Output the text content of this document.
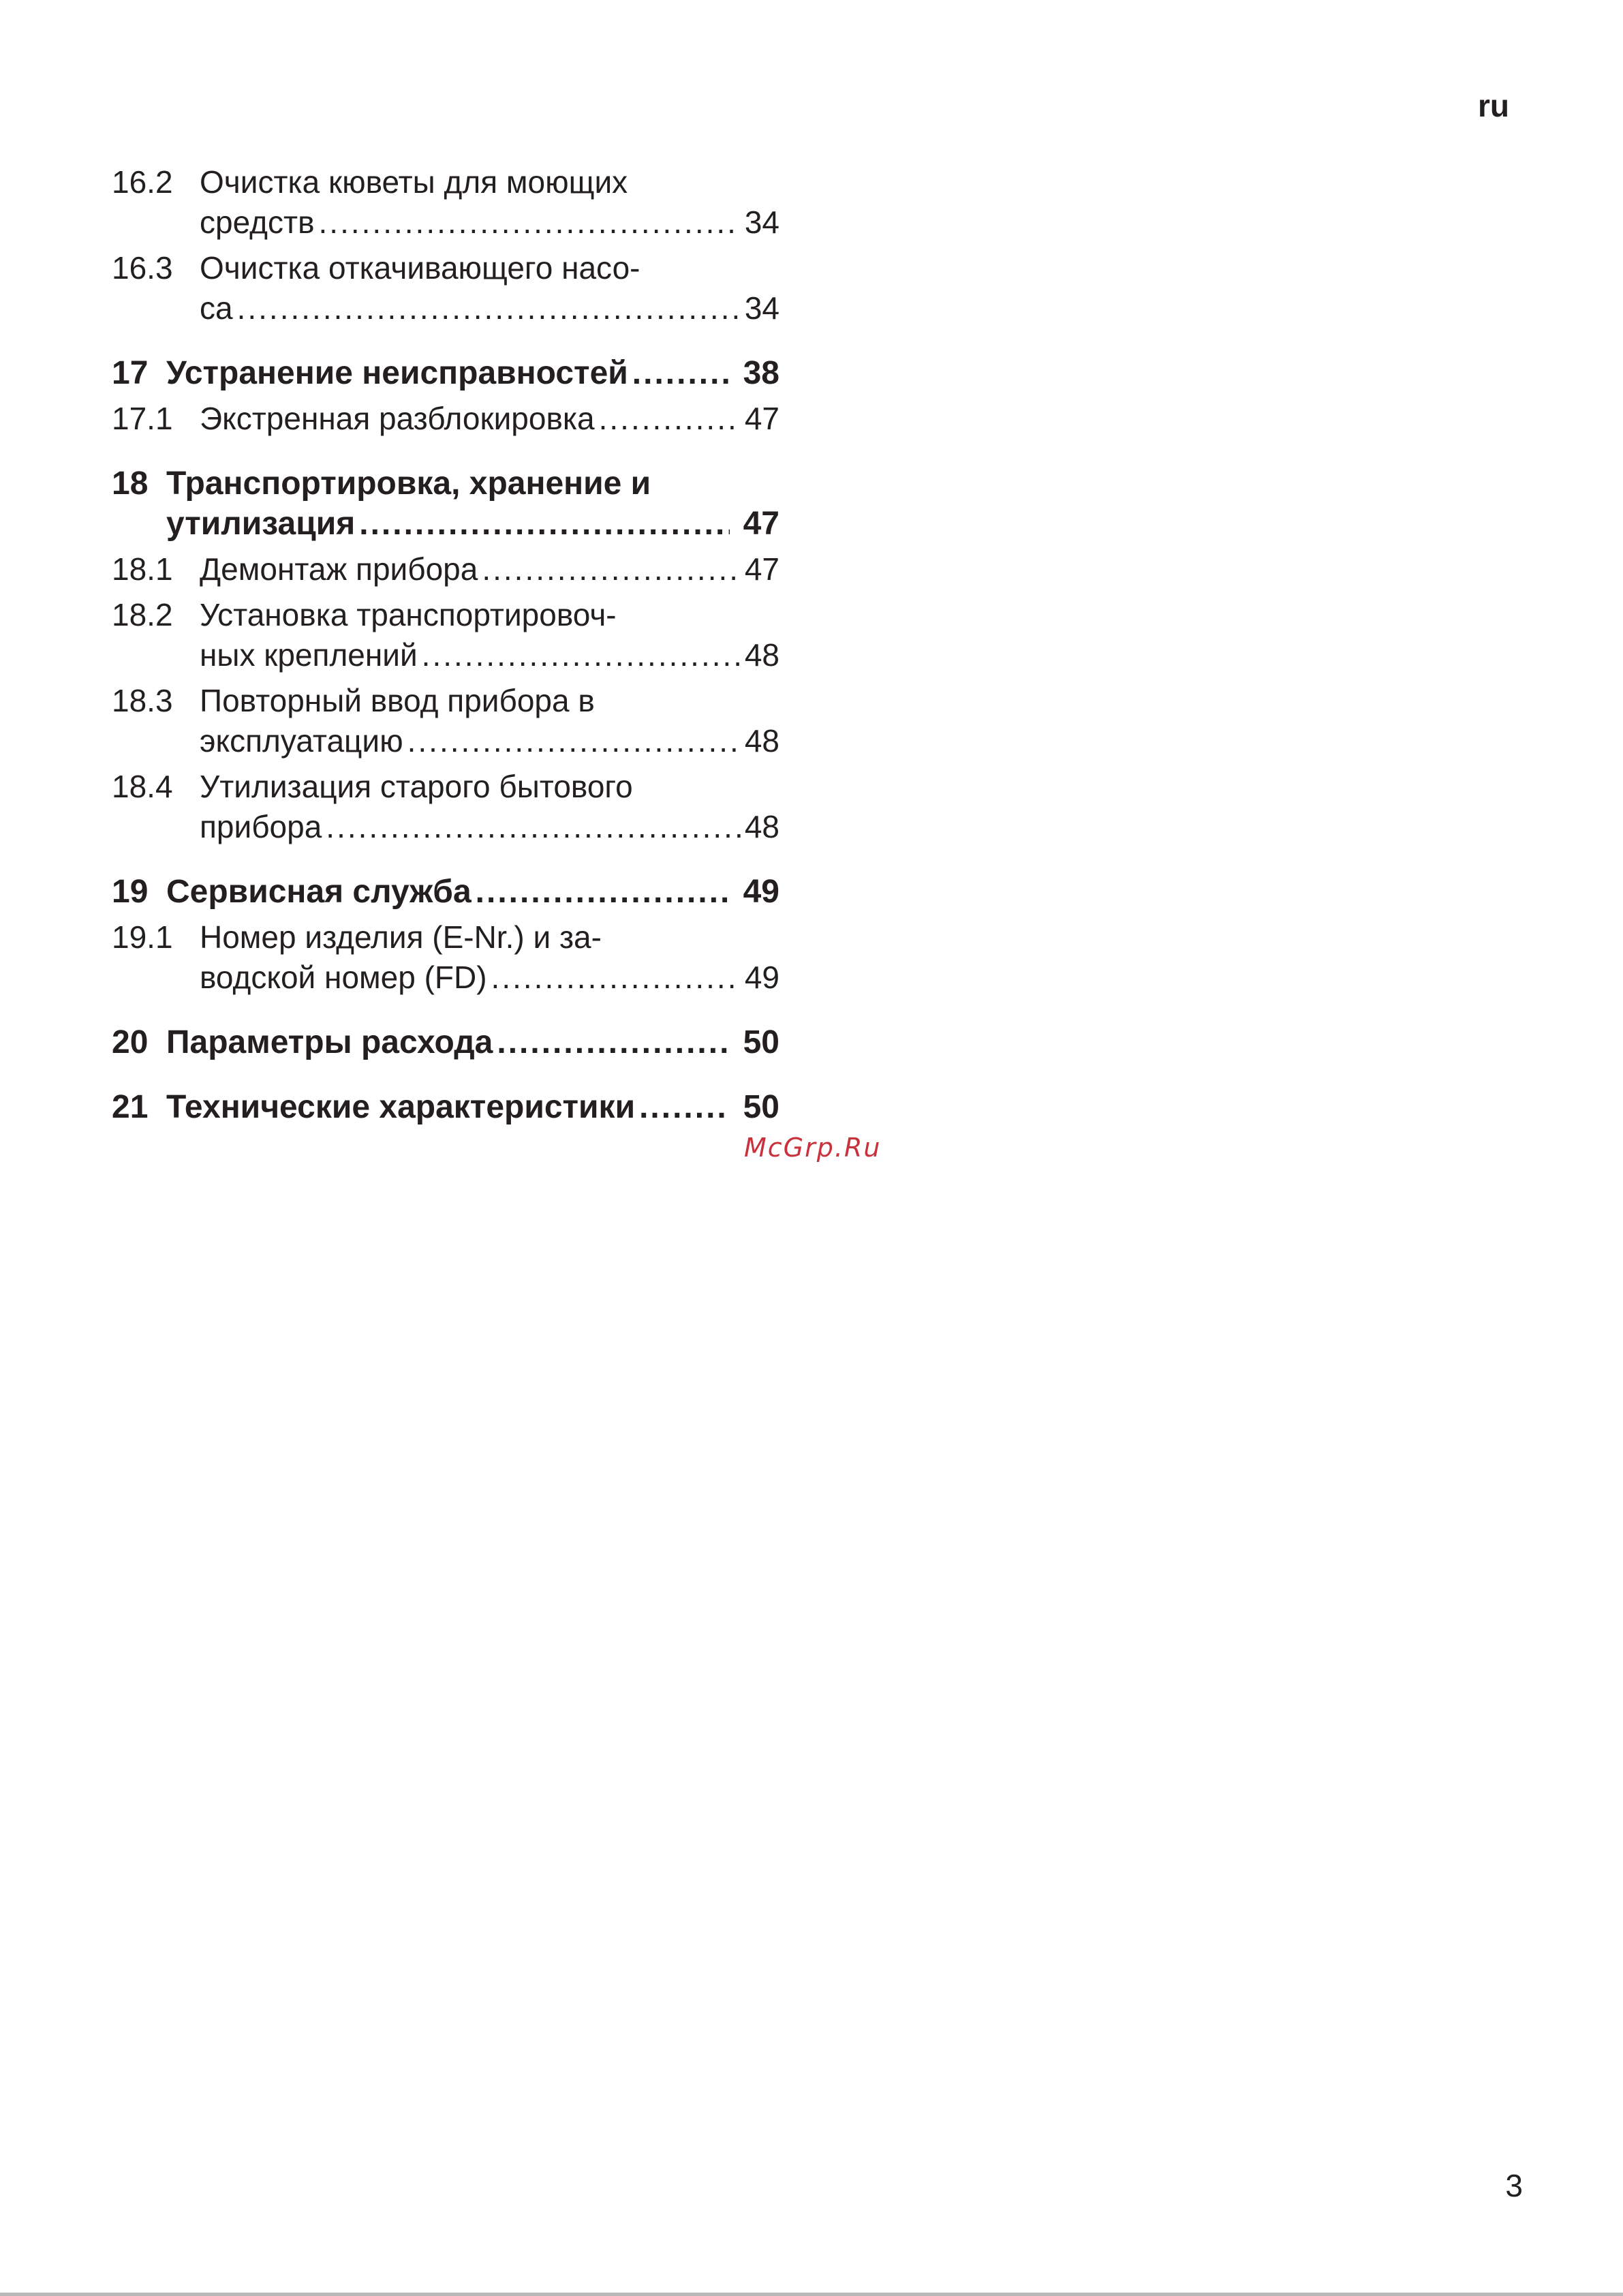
ru
16.2 Очистка кюветы для моющих
средств .....	34
16.3 Очистка откачивающего насо-
са .....	34
17 Устранение неисправностей .....	38
17.1 Экстренная разблокировка .....	47
18 Транспортировка, хранение и
утилизация .....	47
18.1 Демонтаж прибора .....	47
18.2 Установка транспортировоч-
ных креплений .....	48
18.3 Повторный ввод прибора в
эксплуатацию .....	48
18.4 Утилизация старого бытового
прибора .....	48
19 Сервисная служба .....	49
19.1 Номер изделия (E-Nr.) и за-
водской номер (FD) .....	49
20 Параметры расхода .....	50
21 Технические характеристики .....	50
McGrp.Ru
3
